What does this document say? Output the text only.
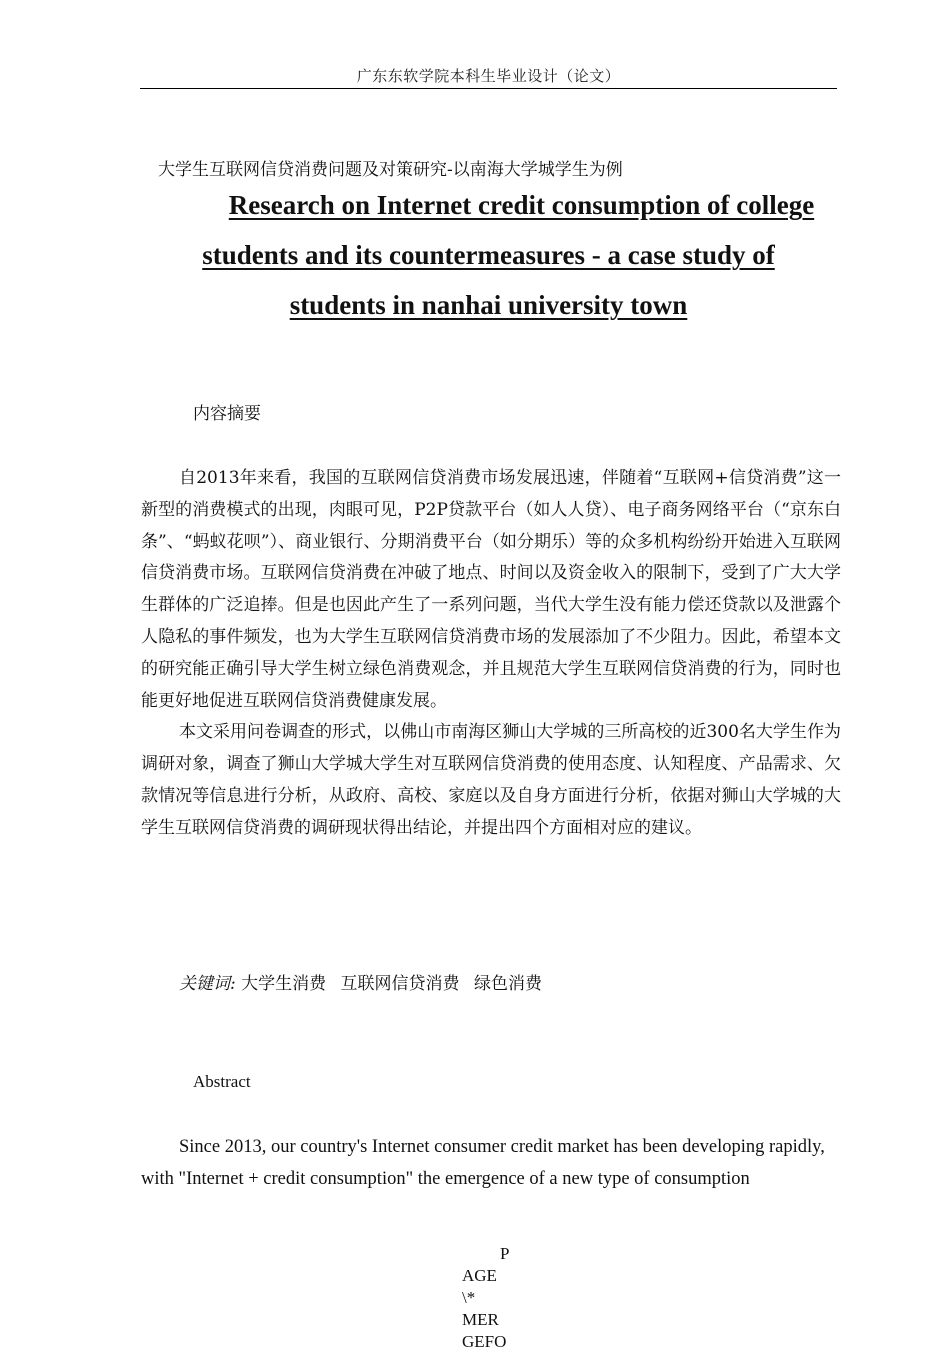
广东东软学院本科生毕业设计（论文）
大学生互联网信贷消费问题及对策研究-以南海大学城学生为例
Research on Internet credit consumption of college
students and its countermeasures - a case study of
students in nanhai university town
内容摘要

自2013年来看，我国的互联网信贷消费市场发展迅速，伴随着“互联网+信贷消费”这一新型的消费模式的出现，肉眼可见，P2P贷款平台（如人人贷）、电子商务网络平台（“京东白条”、“蚂蚁花呗”）、商业银行、分期消费平台（如分期乐）等的众多机构纷纷开始进入互联网信贷消费市场。互联网信贷消费在冲破了地点、时间以及资金收入的限制下，受到了广大大学生群体的广泛追捧。但是也因此产生了一系列问题，当代大学生没有能力偿还贷款以及泄露个人隐私的事件频发，也为大学生互联网信贷消费市场的发展添加了不少阻力。因此，希望本文的研究能正确引导大学生树立绿色消费观念，并且规范大学生互联网信贷消费的行为，同时也能更好地促进互联网信贷消费健康发展。

本文采用问卷调查的形式，以佛山市南海区狮山大学城的三所高校的近300名大学生作为调研对象，调查了狮山大学城大学生对互联网信贷消费的使用态度、认知程度、产品需求、欠款情况等信息进行分析，从政府、高校、家庭以及自身方面进行分析，依据对狮山大学城的大学生互联网信贷消费的调研现状得出结论，并提出四个方面相对应的建议。

关键词: 大学生消费 互联网信贷消费 绿色消费
Abstract

Since 2013, our country's Internet consumer credit market has been developing rapidly, with "Internet + credit consumption" the emergence of a new type of consumption

P
AGE
\*
MER
GEFO
